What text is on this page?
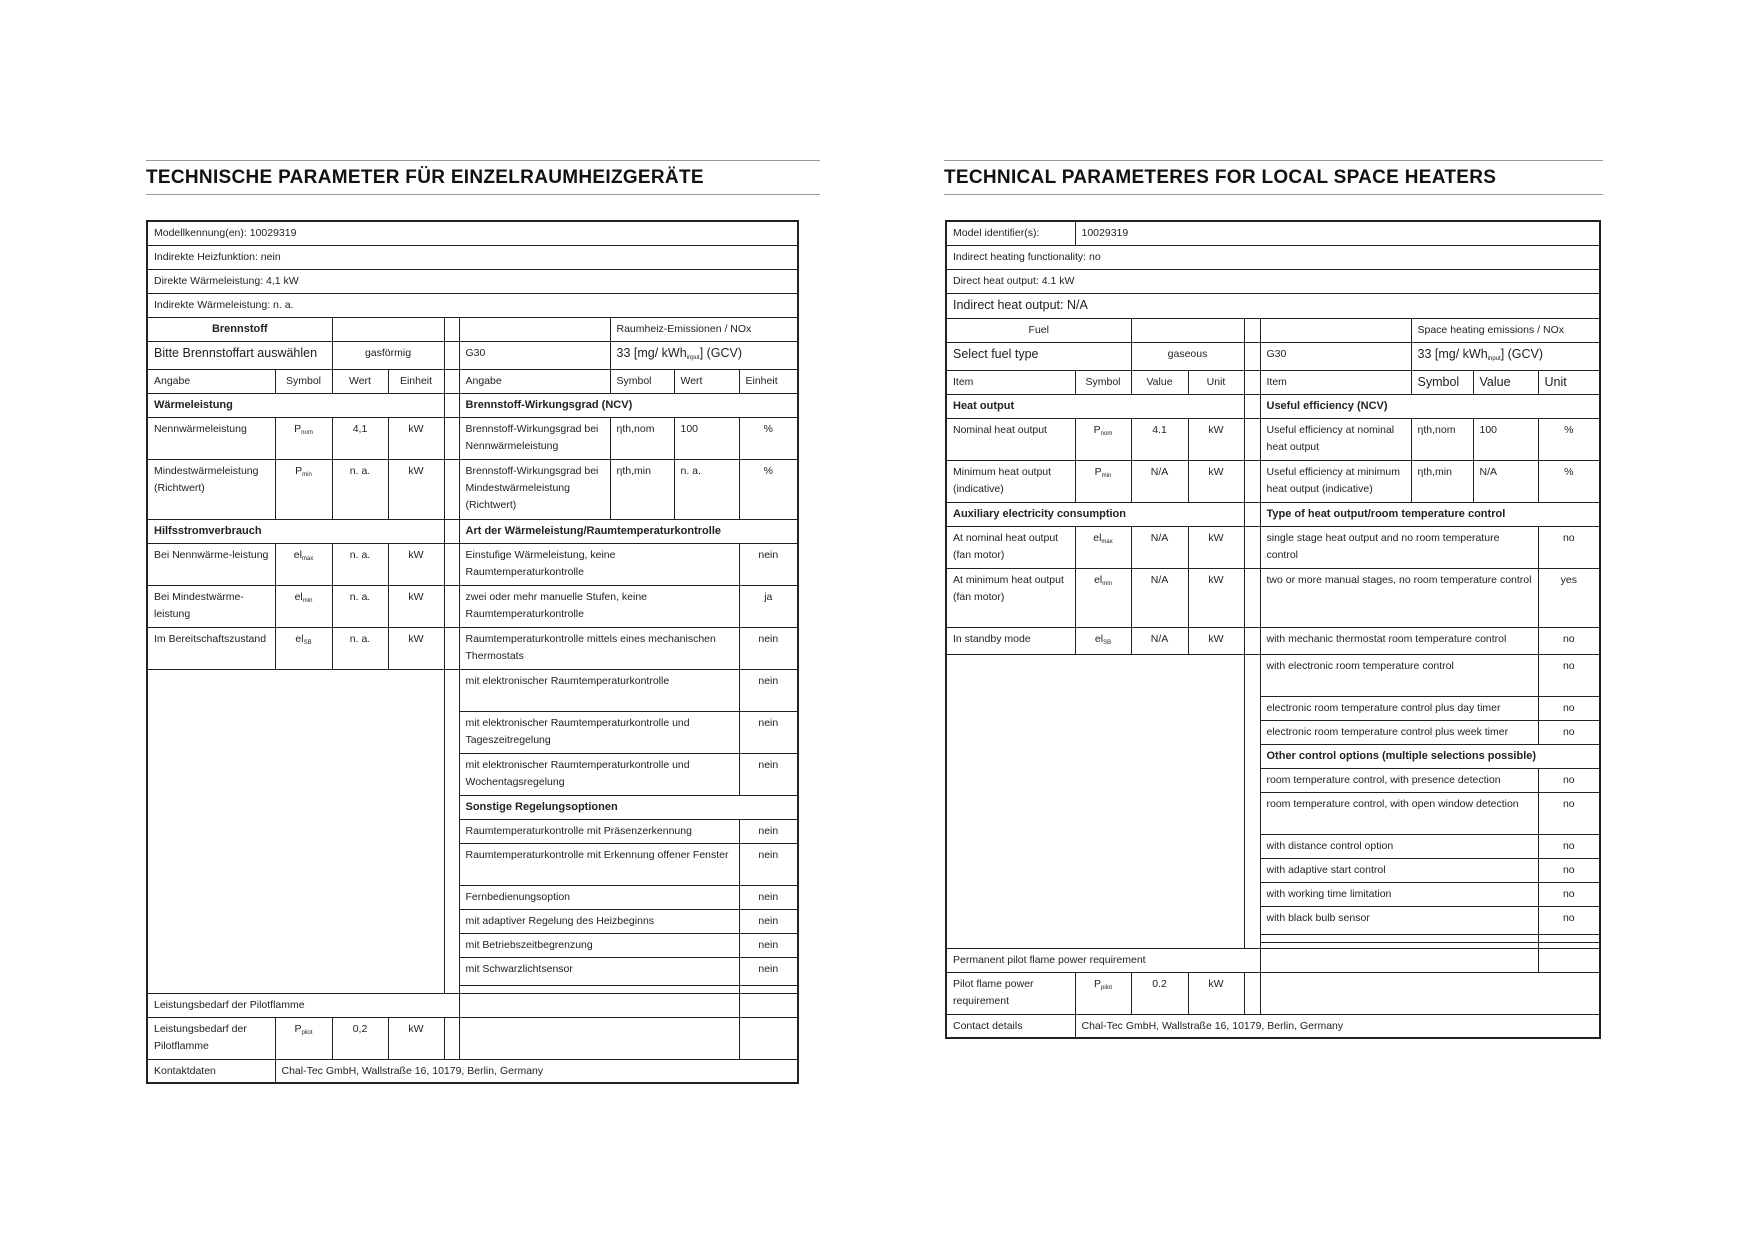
TECHNISCHE PARAMETER FÜR EINZELRAUMHEIZGERÄTE
Modellkennung(en): 10029319								
Indirekte Heizfunktion: nein								
Direkte Wärmeleistung: 4,1 kW								
Indirekte Wärmeleistung: n. a.								
Brennstoff						Raumheiz-Emissionen / NOx		
Bitte Brennstoffart auswählen		gasförmig			G30	33 [mg/ kWh$_{input}$] (GCV)		
Angabe	Symbol	Wert	Einheit		Angabe	Symbol	Wert	Einheit
Wärmeleistung					Brennstoff-Wirkungsgrad (NCV)			
Nennwärmeleistung	$P_{nom}$	4,1	kW		Brennstoff-Wirkungsgrad bei Nennwärmeleistung	ηth,nom	100	%
Mindestwärmeleistung (Richtwert)	$P_{min}$	n. a.	kW		Brennstoff-Wirkungsgrad bei Mindestwärmeleistung (Richtwert)	ηth,min	n. a.	%
Hilfsstromverbrauch					Art der Wärmeleistung/Raumtemperaturkontrolle			
Bei Nennwärme-leistung	$el_{max}$	n. a.	kW		Einstufige Wärmeleistung, keine Raumtemperaturkontrolle			nein
Bei Mindestwärme-leistung	$el_{min}$	n. a.	kW		zwei oder mehr manuelle Stufen, keine Raumtemperaturkontrolle			ja
Im Bereitschaftszustand	$el_{SB}$	n. a.	kW		Raumtemperaturkontrolle mittels eines mechanischen Thermostats			nein
					mit elektronischer Raumtemperaturkontrolle			nein
					mit elektronischer Raumtemperaturkontrolle und Tageszeitregelung			nein
					mit elektronischer Raumtemperaturkontrolle und Wochentagsregelung			nein
					Sonstige Regelungsoptionen			
					Raumtemperaturkontrolle mit Präsenzerkennung			nein
					Raumtemperaturkontrolle mit Erkennung offener Fenster			nein
					Fernbedienungsoption			nein
					mit adaptiver Regelung des Heizbeginns			nein
					mit Betriebszeitbegrenzung			nein
					mit Schwarzlichtsensor			nein

Leistungsbedarf der Pilotflamme								
Leistungsbedarf der Pilotflamme	$P_{pilot}$	0,2	kW					
Kontaktdaten	Chal-Tec GmbH, Wallstraße 16, 10179, Berlin, Germany							
TECHNICAL PARAMETERES FOR LOCAL SPACE HEATERS
Model identifier(s):	10029319							
Indirect heating functionality: no								
Direct heat output: 4.1 kW								
Indirect heat output: N/A								
Fuel						Space heating emissions / NOx		
Select fuel type		gaseous			G30	33 [mg/ kWh$_{input}$] (GCV)		
Item	Symbol	Value	Unit		Item	Symbol	Value	Unit
Heat output					Useful efficiency (NCV)			
Nominal heat output	$P_{nom}$	4.1	kW		Useful efficiency at nominal heat output	ηth,nom	100	%
Minimum heat output (indicative)	$P_{min}$	N/A	kW		Useful efficiency at minimum heat output (indicative)	ηth,min	N/A	%
Auxiliary electricity consumption					Type of heat output/room temperature control			
At nominal heat output (fan motor)	$el_{max}$	N/A	kW		single stage heat output and no room temperature control			no
At minimum heat output (fan motor)	$el_{min}$	N/A	kW		two or more manual stages, no room temperature control			yes
In standby mode	$el_{SB}$	N/A	kW		with mechanic thermostat room temperature control			no
					with electronic room temperature control			no
					electronic room temperature control plus day timer			no
					electronic room temperature control plus week timer			no
					Other control options (multiple selections possible)			
					room temperature control, with presence detection			no
					room temperature control, with open window detection			no
					with distance control option			no
					with adaptive start control			no
					with working time limitation			no
					with black bulb sensor			no

Permanent pilot flame power requirement								
Pilot flame power requirement	$P_{pilot}$	0.2	kW					
Contact details	Chal-Tec GmbH, Wallstraße 16, 10179, Berlin, Germany							
